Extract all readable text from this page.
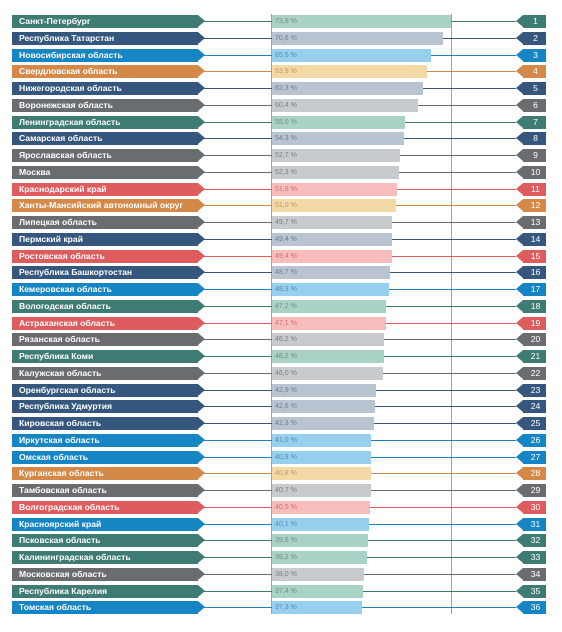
Санкт-Петербург	73,9 %	1
Республика Татарстан	70,6 %	2
Новосибирская область	65,5 %	3
Свердловская область	63,9 %	4
Нижегородская область	62,3 %	5
Воронежская область	60,4 %	6
Ленинградская область	55,0 %	7
Самарская область	54,3 %	8
Ярославская область	52,7 %	9
Москва	52,3 %	10
Краснодарский край	51,8 %	11
Ханты-Мансийский автономный округ	51,0 %	12
Липецкая область	49,7 %	13
Пермский край	49,4 %	14
Ростовская область	49,4 %	15
Республика Башкортостан	48,7 %	16
Кемеровская область	48,3 %	17
Вологодская область	47,2 %	18
Астраханская область	47,1 %	19
Рязанская область	46,2 %	20
Республика Коми	46,2 %	21
Калужская область	46,0 %	22
Оренбургская область	42,9 %	23
Республика Удмуртия	42,6 %	24
Кировская область	42,3 %	25
Иркутская область	41,0 %	26
Омская область	40,9 %	27
Курганская область	40,8 %	28
Тамбовская область	40,7 %	29
Волгоградская область	40,5 %	30
Красноярский край	40,1 %	31
Псковская область	39,6 %	32
Калининградская область	39,2 %	33
Московская область	38,0 %	34
Республика Карелия	37,4 %	35
Томская область	37,3 %	36
